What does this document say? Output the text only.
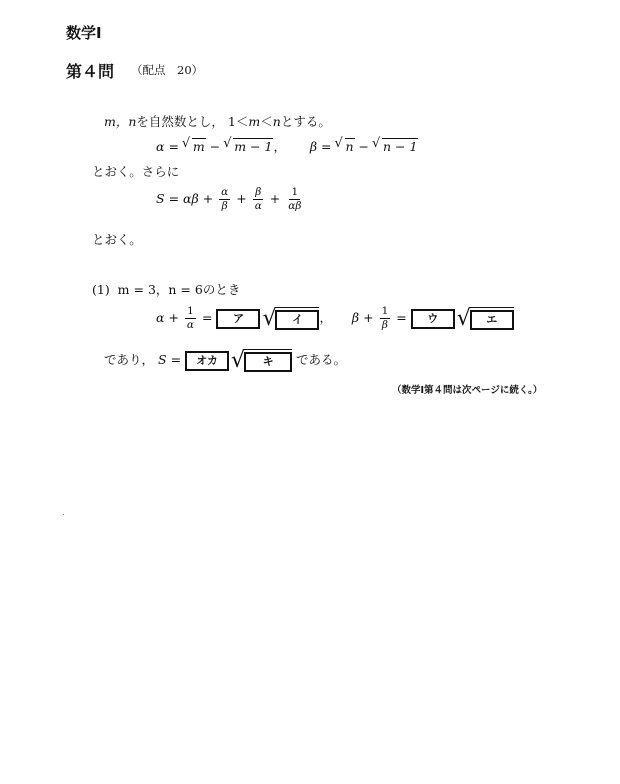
数学Ⅰ
第４問 （配点　20）
m，nを自然数とし， 1＜m＜nとする。
α = √ m − √ m − 1， β = √ n − √ n − 1
とおく。さらに
$S = \alpha\beta + \frac{\alpha}{\beta} + \frac{\beta}{\alpha} + \frac{1}{\alpha\beta}$
とおく。
(1) m = 3，n = 6のとき
$\alpha + \frac{1}{\alpha}$ = ア √ イ ， $\beta + \frac{1}{\beta}$ = ウ √ エ
であり， S = オカ √ キ である。
（数学Ⅰ第４問は次ページに続く。）
